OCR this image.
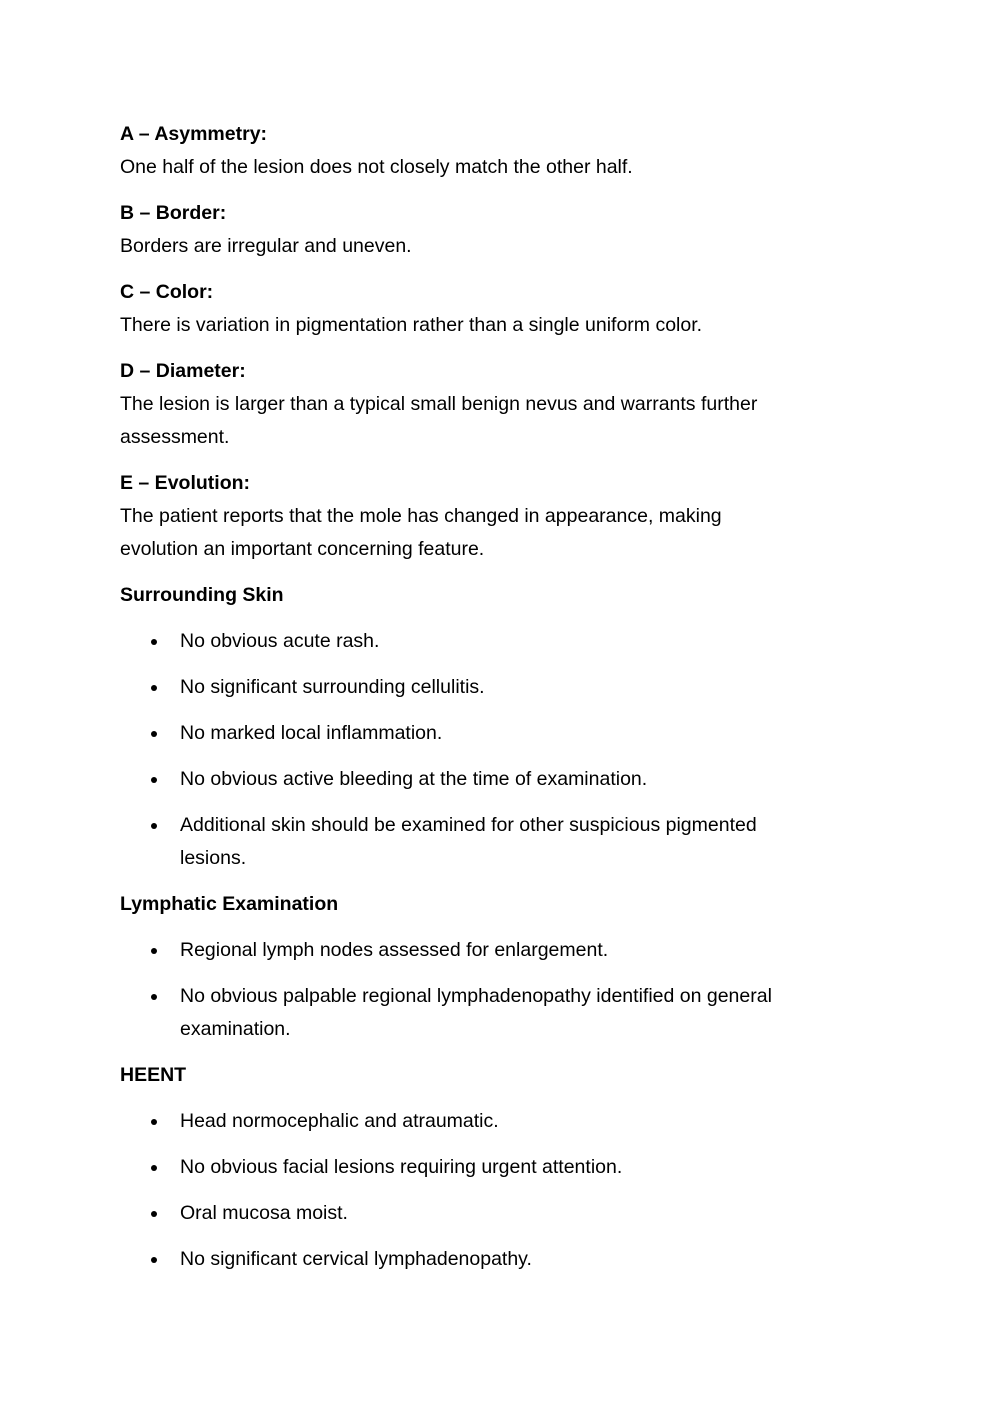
A – Asymmetry:

One half of the lesion does not closely match the other half.

B – Border:

Borders are irregular and uneven.

C – Color:

There is variation in pigmentation rather than a single uniform color.

D – Diameter:

The lesion is larger than a typical small benign nevus and warrants further

assessment.

E – Evolution:

The patient reports that the mole has changed in appearance, making

evolution an important concerning feature.

Surrounding Skin

No obvious acute rash.
No significant surrounding cellulitis.
No marked local inflammation.
No obvious active bleeding at the time of examination.
Additional skin should be examined for other suspicious pigmented
lesions.

Lymphatic Examination

Regional lymph nodes assessed for enlargement.
No obvious palpable regional lymphadenopathy identified on general
examination.

HEENT

Head normocephalic and atraumatic.
No obvious facial lesions requiring urgent attention.
Oral mucosa moist.
No significant cervical lymphadenopathy.
